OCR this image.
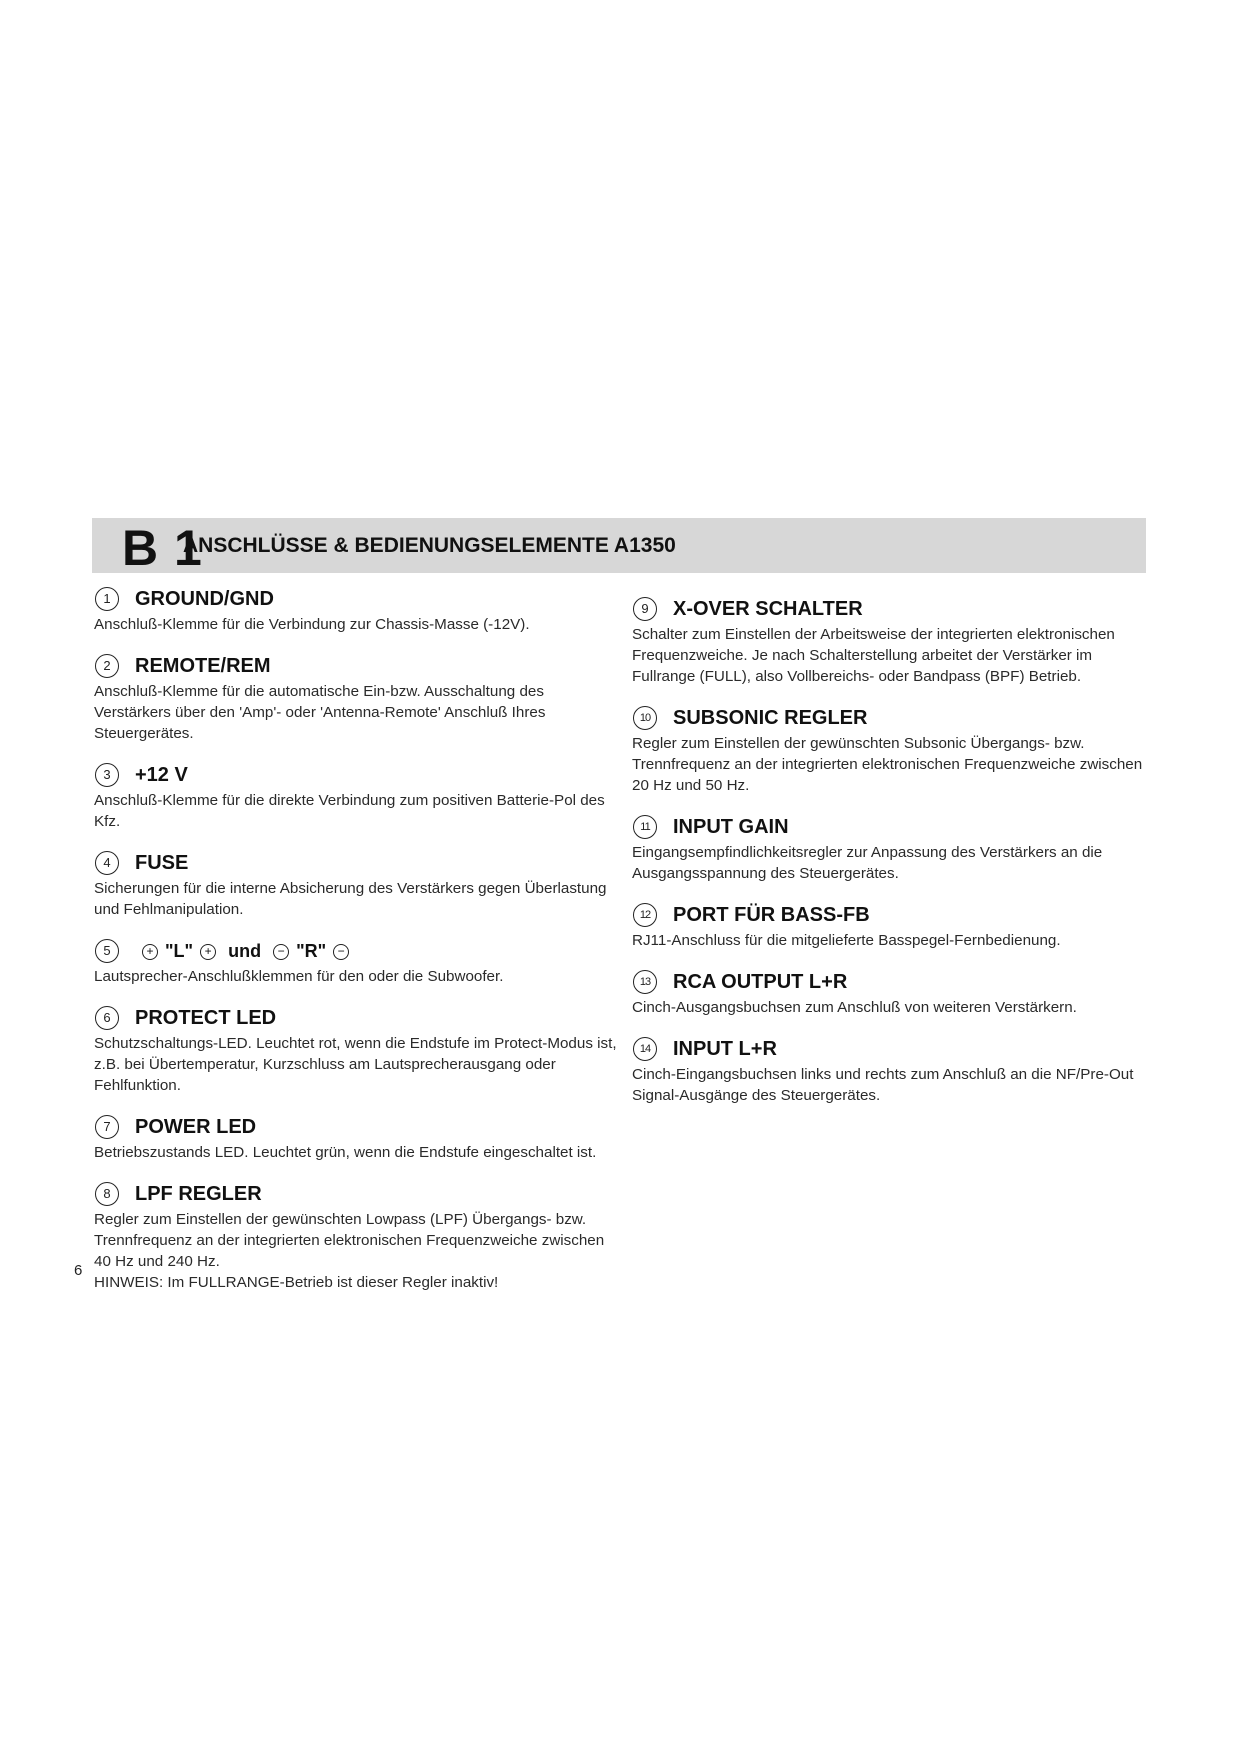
B 1
ANSCHLÜSSE & BEDIENUNGSELEMENTE A1350
1	GROUND/GND
Anschluß-Klemme für die Verbindung zur Chassis-Masse (-12V).
2	REMOTE/REM
Anschluß-Klemme für die automatische Ein-bzw. Ausschaltung des Verstärkers über den 'Amp'- oder 'Antenna-Remote' Anschluß Ihres Steuergerätes.
3	+12 V
Anschluß-Klemme für die direkte Verbindung zum positiven Batterie-Pol des Kfz.
4	FUSE
Sicherungen für die interne Absicherung des Verstärkers gegen Überlastung und Fehlmanipulation.
5	+ "L" + und − "R" −
Lautsprecher-Anschlußklemmen für den oder die Subwoofer.
6	PROTECT LED
Schutzschaltungs-LED. Leuchtet rot, wenn die Endstufe im Protect-Modus ist, z.B. bei Übertemperatur, Kurzschluss am Lautsprecherausgang oder Fehlfunktion.
7	POWER LED
Betriebszustands LED. Leuchtet grün, wenn die Endstufe eingeschaltet ist.
8	LPF REGLER
Regler zum Einstellen der gewünschten Lowpass (LPF) Übergangs- bzw. Trennfrequenz an der integrierten elektronischen Frequenzweiche zwischen 40 Hz und 240 Hz.
HINWEIS: Im FULLRANGE-Betrieb ist dieser Regler inaktiv!
9	X-OVER SCHALTER
Schalter zum Einstellen der Arbeitsweise der integrierten elektronischen Frequenzweiche. Je nach Schalterstellung arbeitet der Verstärker im Fullrange (FULL), also Vollbereichs- oder Bandpass (BPF) Betrieb.
10	SUBSONIC REGLER
Regler zum Einstellen der gewünschten Subsonic Übergangs- bzw. Trennfrequenz an der integrierten elektronischen Frequenzweiche zwischen 20 Hz und 50 Hz.
11	INPUT GAIN
Eingangsempfindlichkeitsregler zur Anpassung des Verstärkers an die Ausgangsspannung des Steuergerätes.
12	PORT FÜR BASS-FB
RJ11-Anschluss für die mitgelieferte Basspegel-Fernbedienung.
13	RCA OUTPUT L+R
Cinch-Ausgangsbuchsen zum Anschluß von weiteren Verstärkern.
14	INPUT L+R
Cinch-Eingangsbuchsen links und rechts zum Anschluß an die NF/Pre-Out Signal-Ausgänge des Steuergerätes.
6
